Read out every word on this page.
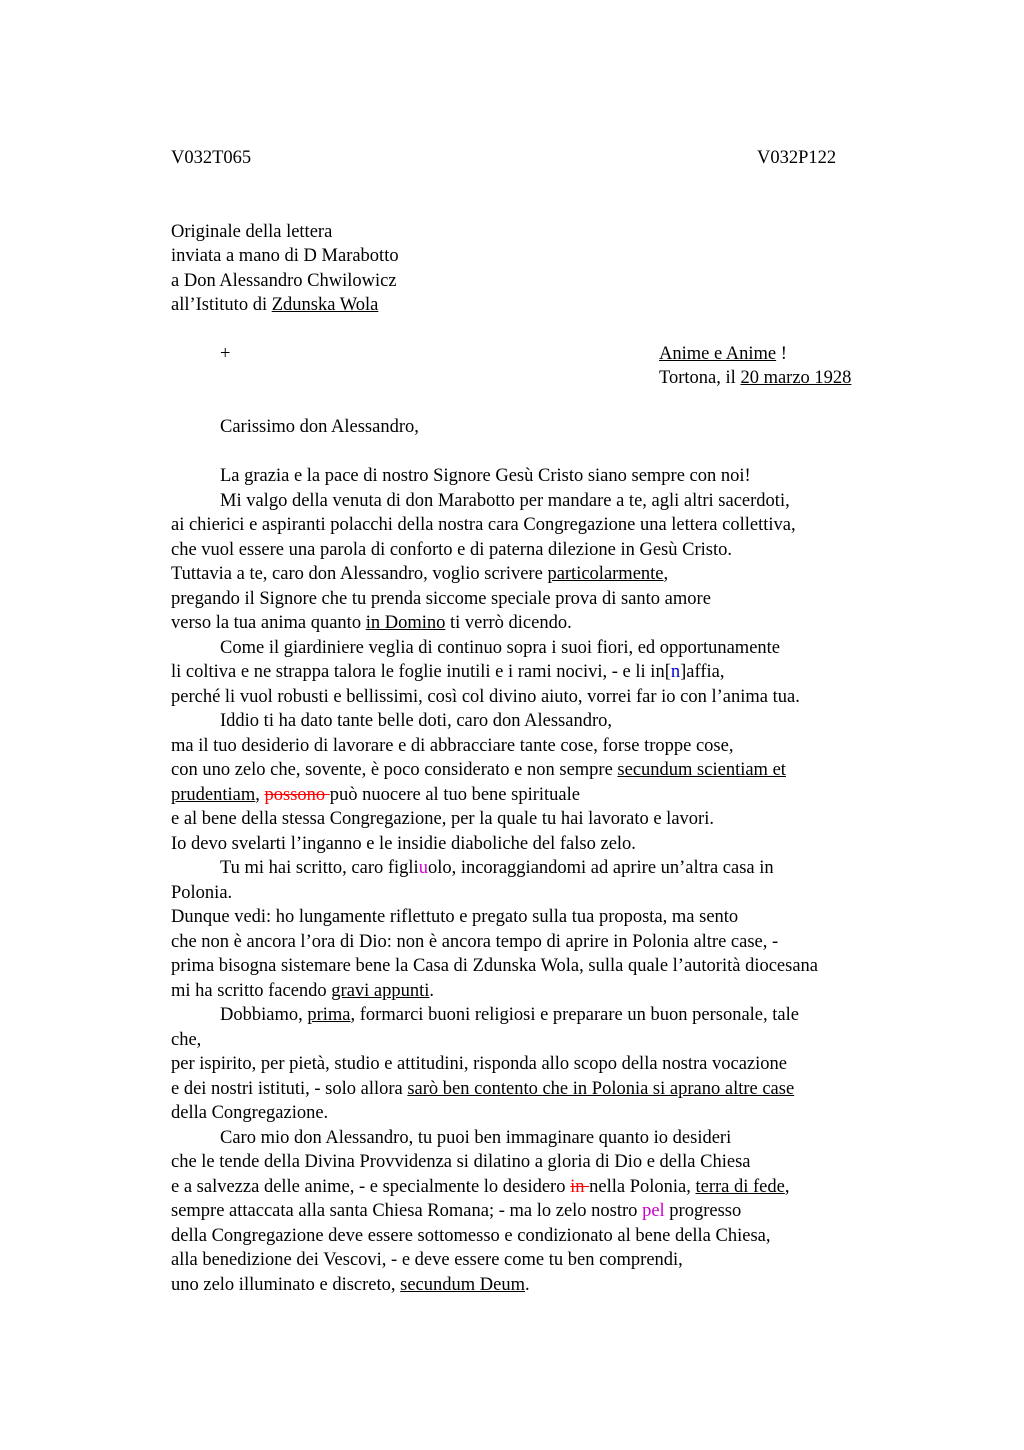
V032T065	V032P122
Originale della lettera
inviata a mano di D Marabotto
a Don Alessandro Chwilowicz
all’Istituto di Zdunska Wola
+	Anime e Anime !
Tortona, il 20 marzo 1928
Carissimo don Alessandro,
La grazia e la pace di nostro Signore Gesù Cristo siano sempre con noi!
Mi valgo della venuta di don Marabotto per mandare a te, agli altri sacerdoti,
ai chierici e aspiranti polacchi della nostra cara Congregazione una lettera collettiva,
che vuol essere una parola di conforto e di paterna dilezione in Gesù Cristo.
Tuttavia a te, caro don Alessandro, voglio scrivere particolarmente,
pregando il Signore che tu prenda siccome speciale prova di santo amore
verso la tua anima quanto in Domino ti verrò dicendo.
Come il giardiniere veglia di continuo sopra i suoi fiori, ed opportunamente
li coltiva e ne strappa talora le foglie inutili e i rami nocivi, - e li in[n]affia,
perché li vuol robusti e bellissimi, così col divino aiuto, vorrei far io con l’anima tua.
Iddio ti ha dato tante belle doti, caro don Alessandro,
ma il tuo desiderio di lavorare e di abbracciare tante cose, forse troppe cose,
con uno zelo che, sovente, è poco considerato e non sempre secundum scientiam et
prudentiam, possono può nuocere al tuo bene spirituale
e al bene della stessa Congregazione, per la quale tu hai lavorato e lavori.
Io devo svelarti l’inganno e le insidie diaboliche del falso zelo.
Tu mi hai scritto, caro figliuolo, incoraggiandomi ad aprire un’altra casa in
Polonia.
Dunque vedi: ho lungamente riflettuto e pregato sulla tua proposta, ma sento
che non è ancora l’ora di Dio: non è ancora tempo di aprire in Polonia altre case, -
prima bisogna sistemare bene la Casa di Zdunska Wola, sulla quale l’autorità diocesana
mi ha scritto facendo gravi appunti.
Dobbiamo, prima, formarci buoni religiosi e preparare un buon personale, tale
che,
per ispirito, per pietà, studio e attitudini, risponda allo scopo della nostra vocazione
e dei nostri istituti, - solo allora sarò ben contento che in Polonia si aprano altre case
della Congregazione.
Caro mio don Alessandro, tu puoi ben immaginare quanto io desideri
che le tende della Divina Provvidenza si dilatino a gloria di Dio e della Chiesa
e a salvezza delle anime, - e specialmente lo desidero in nella Polonia, terra di fede,
sempre attaccata alla santa Chiesa Romana; - ma lo zelo nostro pel progresso
della Congregazione deve essere sottomesso e condizionato al bene della Chiesa,
alla benedizione dei Vescovi, - e deve essere come tu ben comprendi,
uno zelo illuminato e discreto, secundum Deum.
